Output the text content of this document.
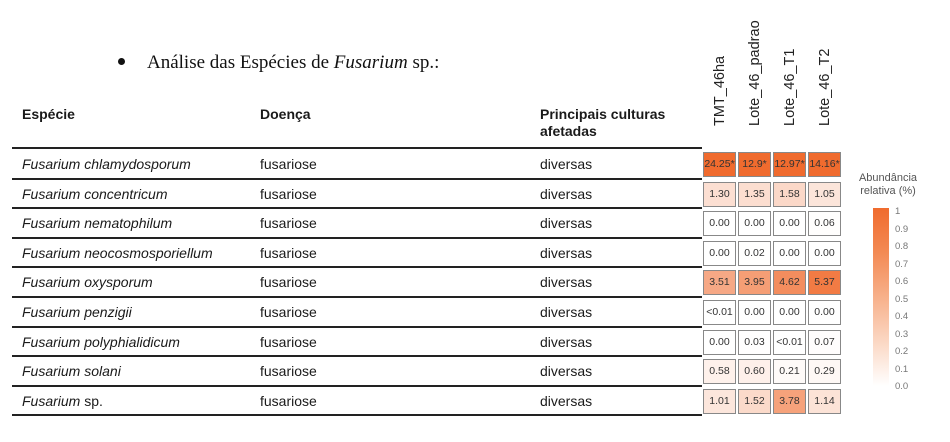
Análise das Espécies de Fusarium sp.:	TMT_46ha Lote_46_padrao Lote_46_T1 Lote_46_T2
Espécie	Doença	Principais culturas afetadas
Fusarium chlamydosporum	fusariose	diversas	24.25* 12.9* 12.97* 14.16*
Fusarium concentricum	fusariose	diversas	1.30	1.35	1.58	1.05
Fusarium nematophilum	fusariose	diversas	0.00	0.00	0.00	0.06
Fusarium neocosmosporiellum	fusariose	diversas	0.00	0.02	0.00	0.00
Fusarium oxysporum	fusariose	diversas	3.51	3.95	4.62	5.37
Fusarium penzigii	fusariose	diversas	<0.01	0.00	0.00	0.00
Fusarium polyphialidicum	fusariose	diversas	0.00	0.03	<0.01	0.07
Fusarium solani	fusariose	diversas	0.58	0.60	0.21	0.29
Fusarium sp.	fusariose	diversas	1.01	1.52	3.78	1.14
Abundância relativa (%)
1
0.9
0.8
0.7
0.6
0.5
0.4
0.3
0.2
0.1
0.0
